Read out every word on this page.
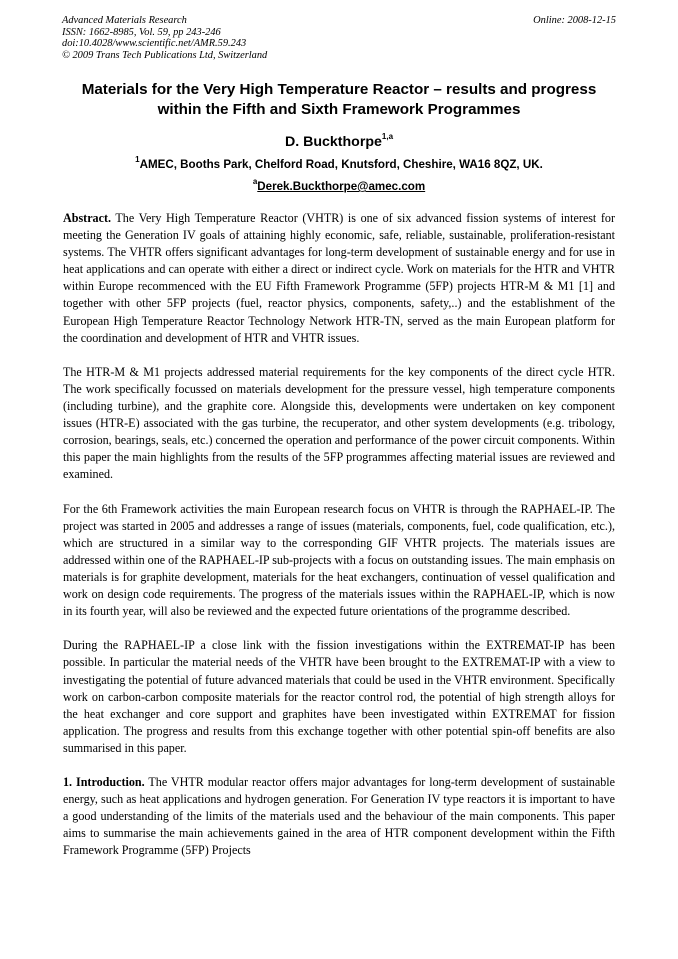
Advanced Materials Research
ISSN: 1662-8985, Vol. 59, pp 243-246
doi:10.4028/www.scientific.net/AMR.59.243
© 2009 Trans Tech Publications Ltd, Switzerland
Online: 2008-12-15
Materials for the Very High Temperature Reactor – results and progress
within the Fifth and Sixth Framework Programmes
D. Buckthorpe$^{1,a}$
$^1$AMEC, Booths Park, Chelford Road, Knutsford, Cheshire, WA16 8QZ, UK.
$^a$Derek.Buckthorpe@amec.com

Abstract. The Very High Temperature Reactor (VHTR) is one of six advanced fission systems of interest for meeting the Generation IV goals of attaining highly economic, safe, reliable, sustainable, proliferation-resistant systems. The VHTR offers significant advantages for long-term development of sustainable energy and for use in heat applications and can operate with either a direct or indirect cycle. Work on materials for the HTR and VHTR within Europe recommenced with the EU Fifth Framework Programme (5FP) projects HTR-M & M1 [1] and together with other 5FP projects (fuel, reactor physics, components, safety,..) and the establishment of the European High Temperature Reactor Technology Network HTR-TN, served as the main European platform for the coordination and development of HTR and VHTR issues.

The HTR-M & M1 projects addressed material requirements for the key components of the direct cycle HTR. The work specifically focussed on materials development for the pressure vessel, high temperature components (including turbine), and the graphite core. Alongside this, developments were undertaken on key component issues (HTR-E) associated with the gas turbine, the recuperator, and other system developments (e.g. tribology, corrosion, bearings, seals, etc.) concerned the operation and performance of the power circuit components. Within this paper the main highlights from the results of the 5FP programmes affecting material issues are reviewed and examined.

For the 6th Framework activities the main European research focus on VHTR is through the RAPHAEL-IP. The project was started in 2005 and addresses a range of issues (materials, components, fuel, code qualification, etc.), which are structured in a similar way to the corresponding GIF VHTR projects. The materials issues are addressed within one of the RAPHAEL-IP sub-projects with a focus on outstanding issues. The main emphasis on materials is for graphite development, materials for the heat exchangers, continuation of vessel qualification and work on design code requirements. The progress of the materials issues within the RAPHAEL-IP, which is now in its fourth year, will also be reviewed and the expected future orientations of the programme described.

During the RAPHAEL-IP a close link with the fission investigations within the EXTREMAT-IP has been possible. In particular the material needs of the VHTR have been brought to the EXTREMAT-IP with a view to investigating the potential of future advanced materials that could be used in the VHTR environment. Specifically work on carbon-carbon composite materials for the reactor control rod, the potential of high strength alloys for the heat exchanger and core support and graphites have been investigated within EXTREMAT for fission application. The progress and results from this exchange together with other potential spin-off benefits are also summarised in this paper.

1. Introduction. The VHTR modular reactor offers major advantages for long-term development of sustainable energy, such as heat applications and hydrogen generation. For Generation IV type reactors it is important to have a good understanding of the limits of the materials used and the behaviour of the main components. This paper aims to summarise the main achievements gained in the area of HTR component development within the Fifth Framework Programme (5FP) Projects
